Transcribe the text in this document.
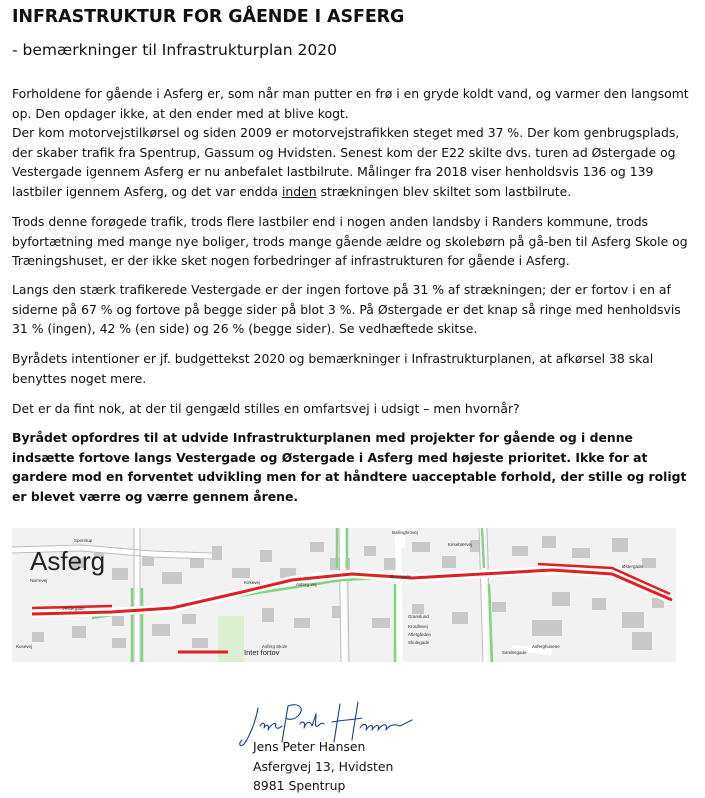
INFRASTRUKTUR FOR GÅENDE I ASFERG
- bemærkninger til Infrastrukturplan 2020

Forholdene for gående i Asferg er, som når man putter en frø i en gryde koldt vand, og varmer den langsomt op. Den opdager ikke, at den ender med at blive kogt.

Der kom motorvejstilkørsel og siden 2009 er motorvejstrafikken steget med 37 %. Der kom genbrugsplads, der skaber trafik fra Spentrup, Gassum og Hvidsten. Senest kom der E22 skilte dvs. turen ad Østergade og Vestergade igennem Asferg er nu anbefalet lastbilrute. Målinger fra 2018 viser henholdsvis 136 og 139 lastbiler igennem Asferg, og det var endda inden strækningen blev skiltet som lastbilrute.

Trods denne forøgede trafik, trods flere lastbiler end i nogen anden landsby i Randers kommune, trods byfortætning med mange nye boliger, trods mange gående ældre og skolebørn på gå-ben til Asferg Skole og Træningshuset, er der ikke sket nogen forbedringer af infrastrukturen for gående i Asferg.

Langs den stærk trafikerede Vestergade er der ingen fortove på 31 % af strækningen; der er fortov i en af siderne på 67 % og fortove på begge sider på blot 3 %. På Østergade er det knap så ringe med henholdsvis 31 % (ingen), 42 % (en side) og 26 % (begge sider). Se vedhæftede skitse.

Byrådets intentioner er jf. budgettekst 2020 og bemærkninger i Infrastrukturplanen, at afkørsel 38 skal benyttes noget mere.

Det er da fint nok, at der til gengæld stilles en omfartsvej i udsigt – men hvornår?

Byrådet opfordres til at udvide Infrastrukturplanen med projekter for gående og i denne indsætte fortove langs Vestergade og Østergade i Asferg med højeste prioritet. Ikke for at gardere mod en forventet udvikling men for at håndtere uacceptable forhold, der stille og roligt er blevet værre og værre gennem årene.

Asferg
Vestergade
Østergade
Østergade
Spentrup
Ballingbrovej
Asferg Vej
Kirkevej
Kusevej
Kirsebærvej
Asferg Skole	Asferghusene
Granslund
Kroullevej
Atletgården
Skolegade
Nørrevej
Sandergade
Intet fortov
Jens Peter Hansen
Asfergvej 13, Hvidsten
8981 Spentrup
